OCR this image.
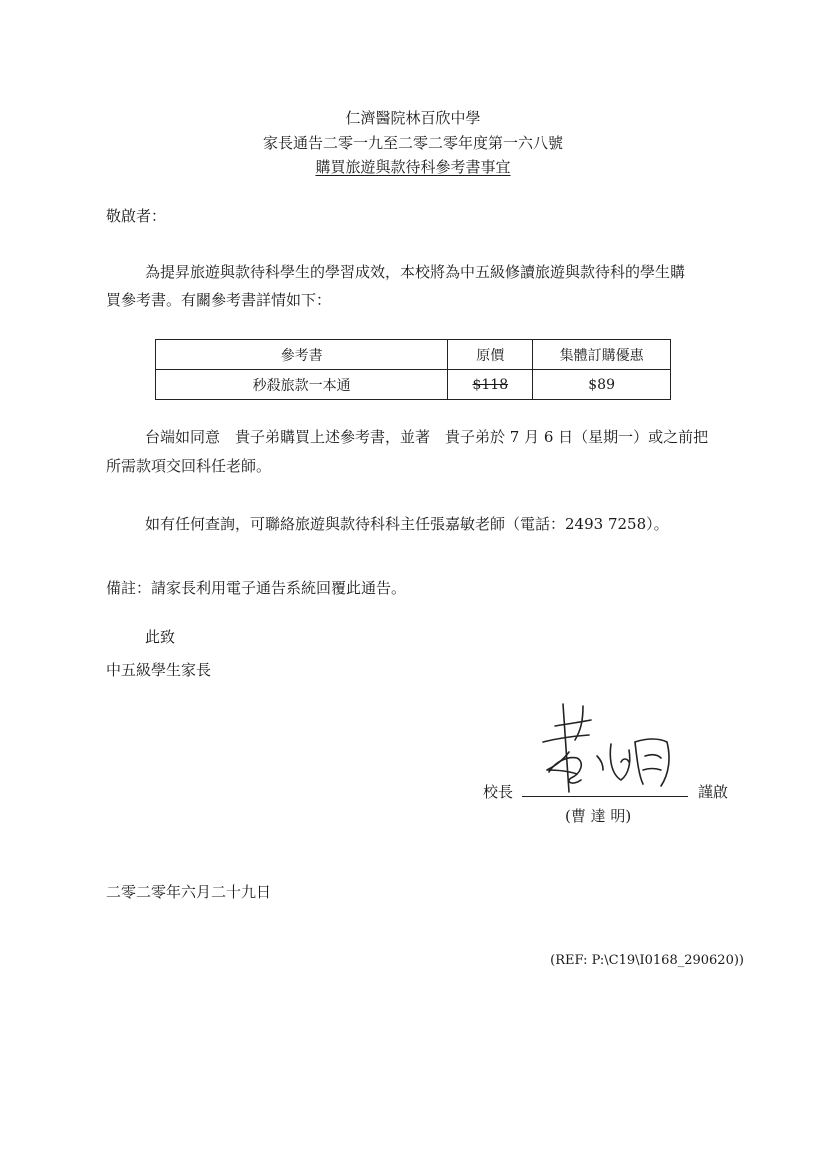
仁濟醫院林百欣中學
家長通告二零一九至二零二零年度第一六八號
購買旅遊與款待科參考書事宜
敬啟者：
為提昇旅遊與款待科學生的學習成效，本校將為中五級修讀旅遊與款待科的學生購
買參考書。有關參考書詳情如下：
參考書	原價	集體訂購優惠
秒殺旅款一本通	$118	$89
台端如同意　貴子弟購買上述參考書，並著　貴子弟於 7 月 6 日（星期一）或之前把
所需款項交回科任老師。
如有任何查詢，可聯絡旅遊與款待科科主任張嘉敏老師（電話：2493 7258）。
備註：請家長利用電子通告系統回覆此通告。
此致
中五級學生家長
校長	謹啟
(曹 達 明)
二零二零年六月二十九日
(REF: P:\C19\I0168_290620))
